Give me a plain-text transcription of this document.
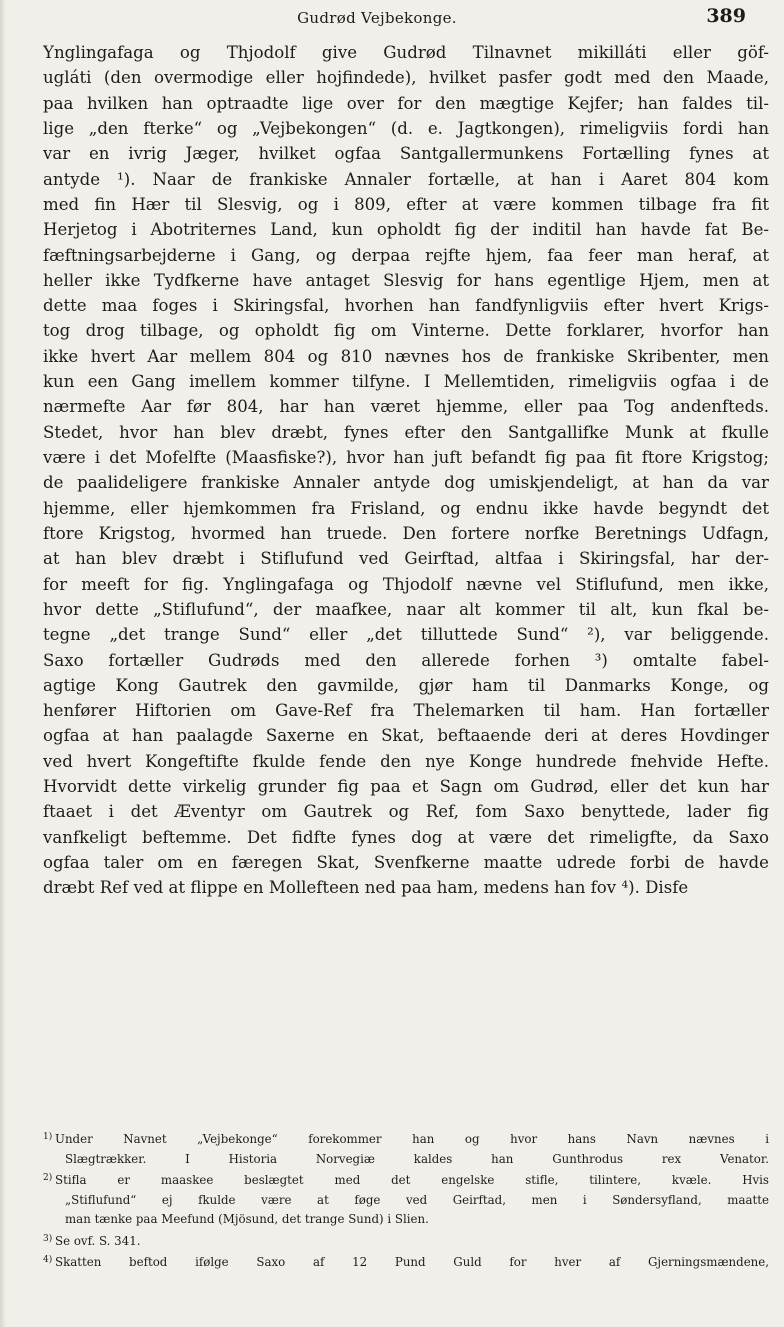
Gudrød Vejbekonge.	389
Ynglingafaga og Thjodolf give Gudrød Tilnavnet mikilláti eller göf-
ugláti (den overmodige eller hojfindede), hvilket pasfer godt med den Maade,
paa hvilken han optraadte lige over for den mægtige Kejfer; han faldes til-
lige „den fterke“ og „Vejbekongen“ (d. e. Jagtkongen), rimeligviis fordi han
var en ivrig Jæger, hvilket ogfaa Santgallermunkens Fortælling fynes at
antyde ¹). Naar de frankiske Annaler fortælle, at han i Aaret 804 kom
med fin Hær til Slesvig, og i 809, efter at være kommen tilbage fra fit
Herjetog i Abotriternes Land, kun opholdt fig der inditil han havde fat Be-
fæftningsarbejderne i Gang, og derpaa rejfte hjem, faa feer man heraf, at
heller ikke Tydfkerne have antaget Slesvig for hans egentlige Hjem, men at
dette maa foges i Skiringsfal, hvorhen han fandfynligviis efter hvert Krigs-
tog drog tilbage, og opholdt fig om Vinterne. Dette forklarer, hvorfor han
ikke hvert Aar mellem 804 og 810 nævnes hos de frankiske Skribenter, men
kun een Gang imellem kommer tilfyne. I Mellemtiden, rimeligviis ogfaa i de
nærmefte Aar før 804, har han været hjemme, eller paa Tog andenfteds.
Stedet, hvor han blev dræbt, fynes efter den Santgallifke Munk at fkulle
være i det Mofelfte (Maasfiske?), hvor han juft befandt fig paa fit ftore Krigstog;
de paalideligere frankiske Annaler antyde dog umiskjendeligt, at han da var
hjemme, eller hjemkommen fra Frisland, og endnu ikke havde begyndt det
ftore Krigstog, hvormed han truede. Den fortere norfke Beretnings Udfagn,
at han blev dræbt i Stiflufund ved Geirftad, altfaa i Skiringsfal, har der-
for meeft for fig. Ynglingafaga og Thjodolf nævne vel Stiflufund, men ikke,
hvor dette „Stiflufund“, der maafkee, naar alt kommer til alt, kun fkal be-
tegne „det trange Sund“ eller „det tilluttede Sund“ ²), var beliggende.
Saxo fortæller Gudrøds med den allerede forhen ³) omtalte fabel-
agtige Kong Gautrek den gavmilde, gjør ham til Danmarks Konge, og
henfører Hiftorien om Gave-Ref fra Thelemarken til ham. Han fortæller
ogfaa at han paalagde Saxerne en Skat, beftaaende deri at deres Hovdinger
ved hvert Kongeftifte fkulde fende den nye Konge hundrede fnehvide Hefte.
Hvorvidt dette virkelig grunder fig paa et Sagn om Gudrød, eller det kun har
ftaaet i det Æventyr om Gautrek og Ref, fom Saxo benyttede, lader fig
vanfkeligt beftemme. Det fidfte fynes dog at være det rimeligfte, da Saxo
ogfaa taler om en færegen Skat, Svenfkerne maatte udrede forbi de havde
dræbt Ref ved at flippe en Mollefteen ned paa ham, medens han fov ⁴). Disfe
1) Under Navnet „Vejbekonge“ forekommer han og hvor hans Navn nævnes i
Slægtrækker. I Historia Norvegiæ kaldes han Gunthrodus rex Venator.
2) Stifla er maaskee beslægtet med det engelske stifle, tilintere, kvæle. Hvis
„Stiflufund“ ej fkulde være at føge ved Geirftad, men i Søndersyfland, maatte
man tænke paa Meefund (Mjösund, det trange Sund) i Slien.
3) Se ovf. S. 341.
4) Skatten beftod ifølge Saxo af 12 Pund Guld for hver af Gjerningsmændene,
